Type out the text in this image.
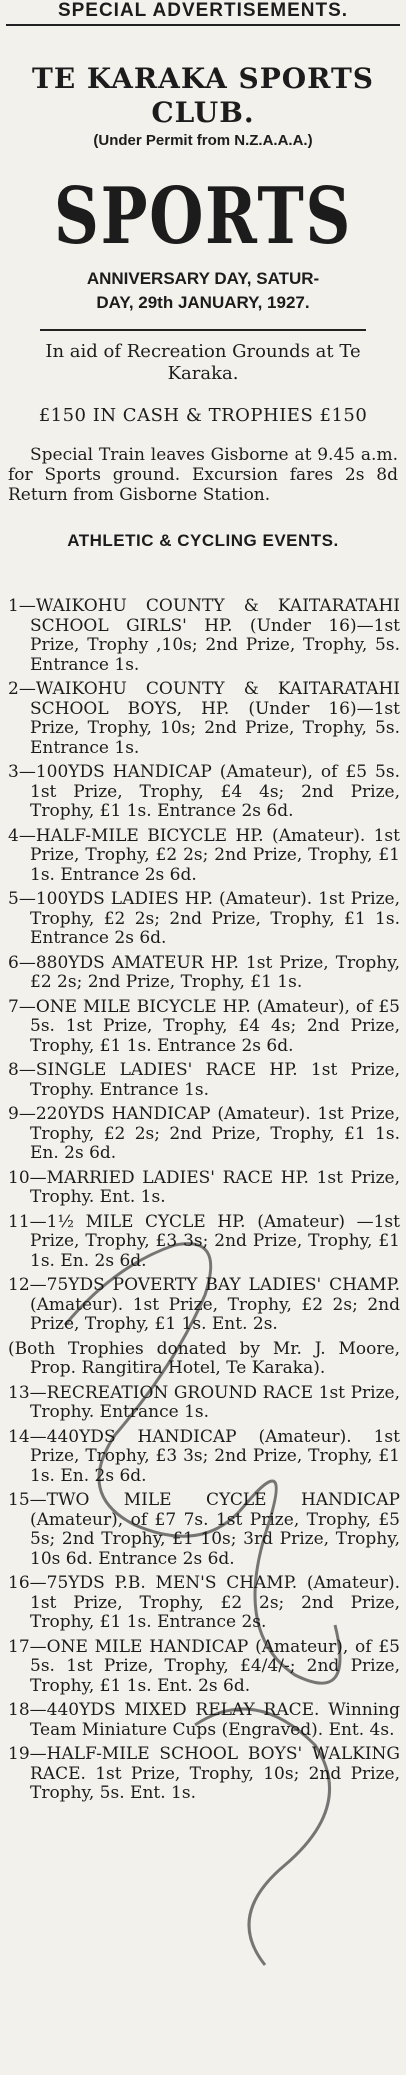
SPECIAL ADVERTISEMENTS.
TE KARAKA SPORTS
CLUB.
(Under Permit from N.Z.A.A.A.)
SPORTS
ANNIVERSARY DAY, SATUR-
DAY, 29th JANUARY, 1927.
In aid of Recreation Grounds at Te
Karaka.
£150 IN CASH & TROPHIES £150
Special Train leaves Gisborne at 9.45 a.m. for Sports ground. Excursion fares 2s 8d Return from Gisborne Station.
ATHLETIC & CYCLING EVENTS.
1—WAIKOHU COUNTY & KAITARATAHI SCHOOL GIRLS' HP. (Under 16)—1st Prize, Trophy ,10s; 2nd Prize, Trophy, 5s. Entrance 1s.
2—WAIKOHU COUNTY & KAITARATAHI SCHOOL BOYS, HP. (Under 16)—1st Prize, Trophy, 10s; 2nd Prize, Trophy, 5s. Entrance 1s.
3—100YDS HANDICAP (Amateur), of £5 5s. 1st Prize, Trophy, £4 4s; 2nd Prize, Trophy, £1 1s. Entrance 2s 6d.
4—HALF-MILE BICYCLE HP. (Amateur). 1st Prize, Trophy, £2 2s; 2nd Prize, Trophy, £1 1s. Entrance 2s 6d.
5—100YDS LADIES HP. (Amateur). 1st Prize, Trophy, £2 2s; 2nd Prize, Trophy, £1 1s. Entrance 2s 6d.
6—880YDS AMATEUR HP. 1st Prize, Trophy, £2 2s; 2nd Prize, Trophy, £1 1s.
7—ONE MILE BICYCLE HP. (Amateur), of £5 5s. 1st Prize, Trophy, £4 4s; 2nd Prize, Trophy, £1 1s. Entrance 2s 6d.
8—SINGLE LADIES' RACE HP. 1st Prize, Trophy. Entrance 1s.
9—220YDS HANDICAP (Amateur). 1st Prize, Trophy, £2 2s; 2nd Prize, Trophy, £1 1s. En. 2s 6d.
10—MARRIED LADIES' RACE HP. 1st Prize, Trophy. Ent. 1s.
11—1½ MILE CYCLE HP. (Amateur) —1st Prize, Trophy, £3 3s; 2nd Prize, Trophy, £1 1s. En. 2s 6d.
12—75YDS POVERTY BAY LADIES' CHAMP. (Amateur). 1st Prize, Trophy, £2 2s; 2nd Prize, Trophy, £1 1s. Ent. 2s.
(Both Trophies donated by Mr. J. Moore, Prop. Rangitira Hotel, Te Karaka).
13—RECREATION GROUND RACE 1st Prize, Trophy. Entrance 1s.
14—440YDS HANDICAP (Amateur). 1st Prize, Trophy, £3 3s; 2nd Prize, Trophy, £1 1s. En. 2s 6d.
15—TWO MILE CYCLE HANDICAP (Amateur), of £7 7s. 1st Prize, Trophy, £5 5s; 2nd Trophy, £1 10s; 3rd Prize, Trophy, 10s 6d. Entrance 2s 6d.
16—75YDS P.B. MEN'S CHAMP. (Amateur). 1st Prize, Trophy, £2 2s; 2nd Prize, Trophy, £1 1s. Entrance 2s.
17—ONE MILE HANDICAP (Amateur), of £5 5s. 1st Prize, Trophy, £4/4/-; 2nd Prize, Trophy, £1 1s. Ent. 2s 6d.
18—440YDS MIXED RELAY RACE. Winning Team Miniature Cups (Engraved). Ent. 4s.
19—HALF-MILE SCHOOL BOYS' WALKING RACE. 1st Prize, Trophy, 10s; 2nd Prize, Trophy, 5s. Ent. 1s.
